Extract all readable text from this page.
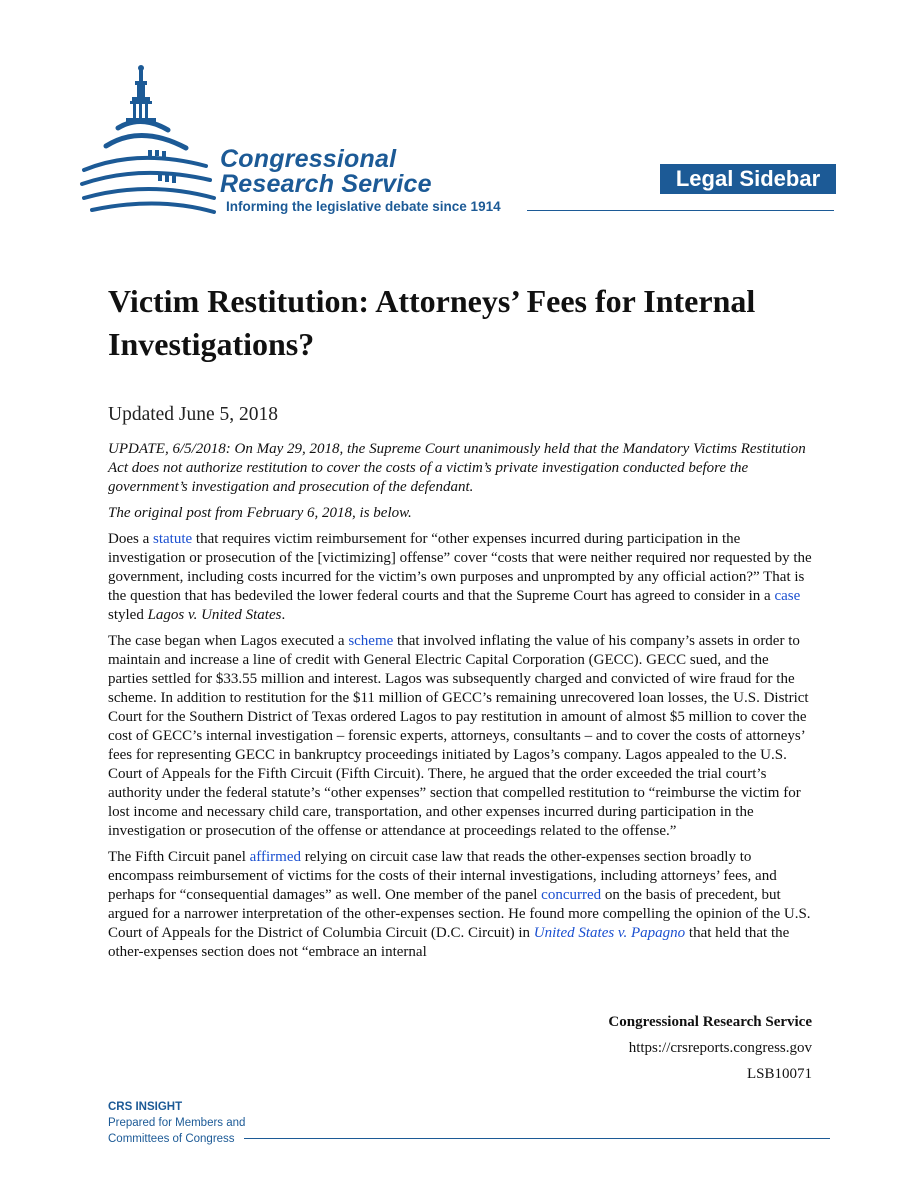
Congressional
Research Service
Informing the legislative debate since 1914
Legal Sidebar
Victim Restitution: Attorneys’ Fees for Internal Investigations?
Updated June 5, 2018

UPDATE, 6/5/2018: On May 29, 2018, the Supreme Court unanimously held that the Mandatory Victims Restitution Act does not authorize restitution to cover the costs of a victim’s private investigation conducted before the government’s investigation and prosecution of the defendant.

The original post from February 6, 2018, is below.

Does a statute that requires victim reimbursement for “other expenses incurred during participation in the investigation or prosecution of the [victimizing] offense” cover “costs that were neither required nor requested by the government, including costs incurred for the victim’s own purposes and unprompted by any official action?” That is the question that has bedeviled the lower federal courts and that the Supreme Court has agreed to consider in a case styled Lagos v. United States.

The case began when Lagos executed a scheme that involved inflating the value of his company’s assets in order to maintain and increase a line of credit with General Electric Capital Corporation (GECC). GECC sued, and the parties settled for $33.55 million and interest. Lagos was subsequently charged and convicted of wire fraud for the scheme. In addition to restitution for the $11 million of GECC’s remaining unrecovered loan losses, the U.S. District Court for the Southern District of Texas ordered Lagos to pay restitution in amount of almost $5 million to cover the cost of GECC’s internal investigation – forensic experts, attorneys, consultants – and to cover the costs of attorneys’ fees for representing GECC in bankruptcy proceedings initiated by Lagos’s company. Lagos appealed to the U.S. Court of Appeals for the Fifth Circuit (Fifth Circuit). There, he argued that the order exceeded the trial court’s authority under the federal statute’s “other expenses” section that compelled restitution to “reimburse the victim for lost income and necessary child care, transportation, and other expenses incurred during participation in the investigation or prosecution of the offense or attendance at proceedings related to the offense.”

The Fifth Circuit panel affirmed relying on circuit case law that reads the other-expenses section broadly to encompass reimbursement of victims for the costs of their internal investigations, including attorneys’ fees, and perhaps for “consequential damages” as well. One member of the panel concurred on the basis of precedent, but argued for a narrower interpretation of the other-expenses section. He found more compelling the opinion of the U.S. Court of Appeals for the District of Columbia Circuit (D.C. Circuit) in United States v. Papagno that held that the other-expenses section does not “embrace an internal

Congressional Research Service
https://crsreports.congress.gov
LSB10071
CRS INSIGHT
Prepared for Members and
Committees of Congress
